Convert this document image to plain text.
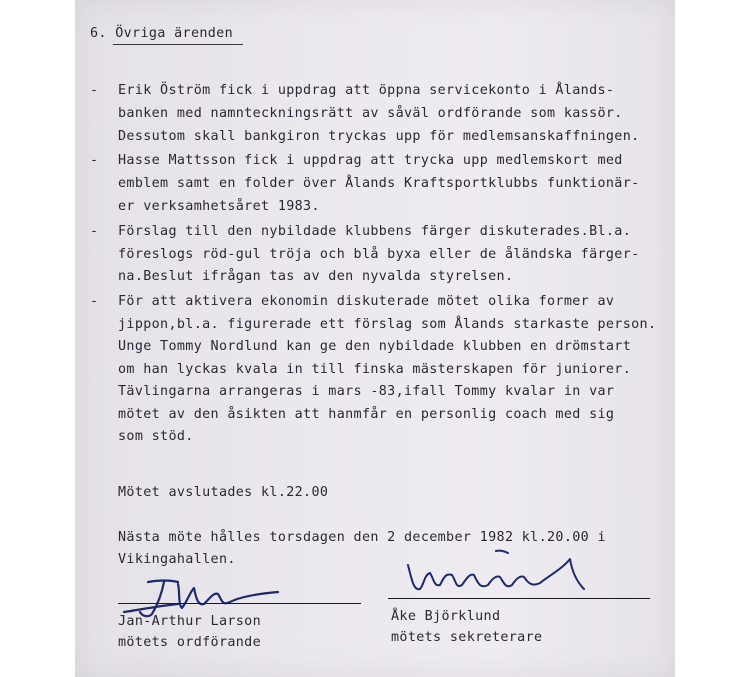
6. Övriga ärenden
- Erik Öström fick i uppdrag att öppna servicekonto i Ålands-
banken med namnteckningsrätt av såväl ordförande som kassör.
Dessutom skall bankgiron tryckas upp för medlemsanskaffningen.
- Hasse Mattsson fick i uppdrag att trycka upp medlemskort med
emblem samt en folder över Ålands Kraftsportklubbs funktionär-
er verksamhetsåret 1983.
- Förslag till den nybildade klubbens färger diskuterades.Bl.a.
föreslogs röd-gul tröja och blå byxa eller de åländska färger-
na.Beslut ifrågan tas av den nyvalda styrelsen.
- För att aktivera ekonomin diskuterade mötet olika former av
jippon,bl.a. figurerade ett förslag som Ålands starkaste person.
Unge Tommy Nordlund kan ge den nybildade klubben en drömstart
om han lyckas kvala in till finska mästerskapen för juniorer.
Tävlingarna arrangeras i mars -83,ifall Tommy kvalar in var
mötet av den åsikten att hanmfår en personlig coach med sig
som stöd.
Mötet avslutades kl.22.00
Nästa möte hålles torsdagen den 2 december 1982 kl.20.00 i
Vikingahallen.
Jan-Arthur Larson
mötets ordförande
Åke Björklund
mötets sekreterare
